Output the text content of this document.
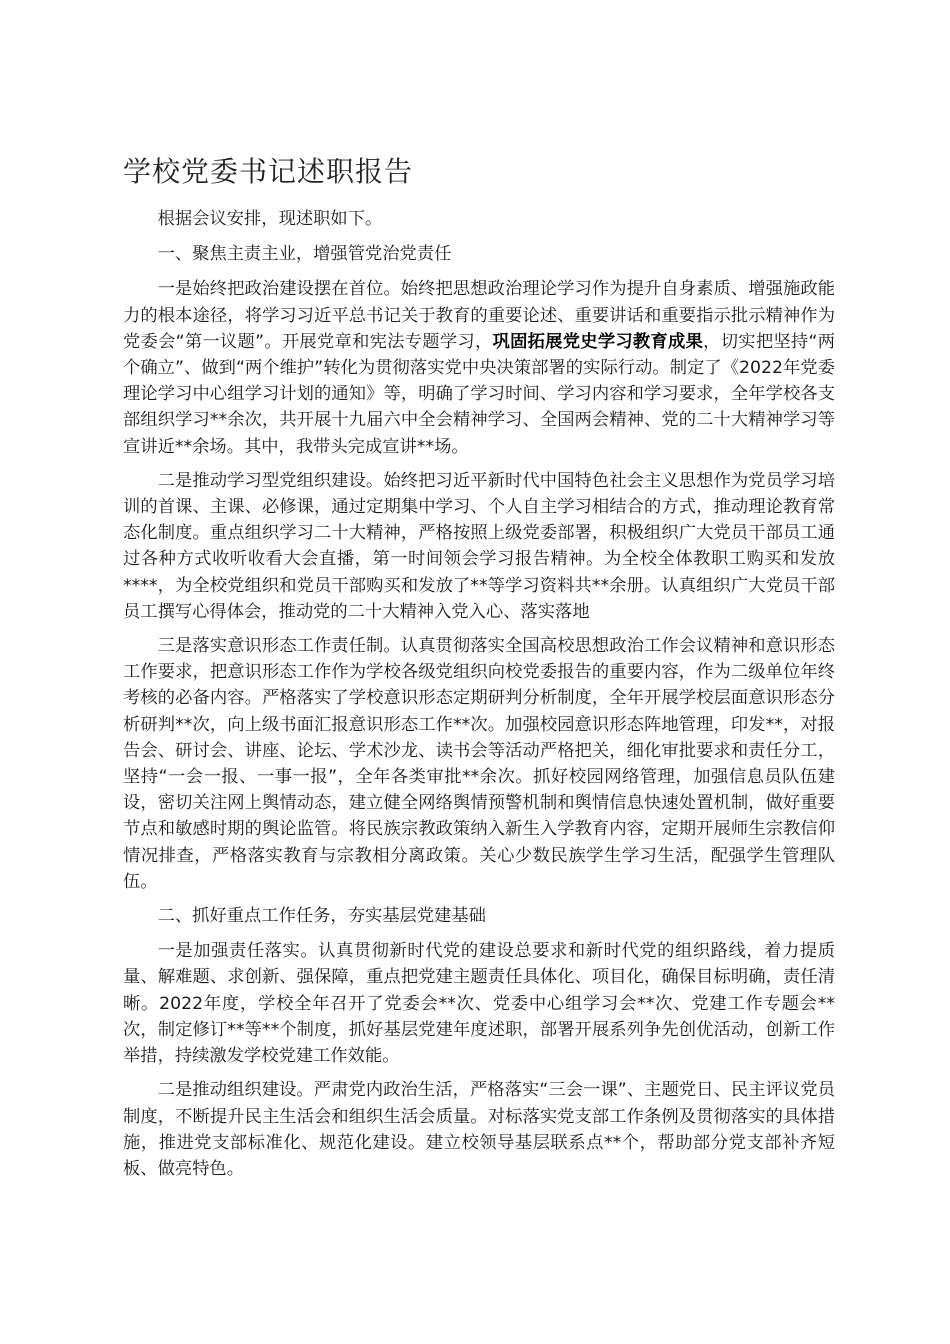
学校党委书记述职报告

根据会议安排，现述职如下。

一、聚焦主责主业，增强管党治党责任

一是始终把政治建设摆在首位。始终把思想政治理论学习作为提升自身素质、增强施政能力的根本途径，将学习习近平总书记关于教育的重要论述、重要讲话和重要指示批示精神作为党委会“第一议题”。开展党章和宪法专题学习，巩固拓展党史学习教育成果，切实把坚持“两个确立”、做到“两个维护”转化为贯彻落实党中央决策部署的实际行动。制定了《2022年党委理论学习中心组学习计划的通知》等，明确了学习时间、学习内容和学习要求，全年学校各支部组织学习**余次，共开展十九届六中全会精神学习、全国两会精神、党的二十大精神学习等宣讲近**余场。其中，我带头完成宣讲**场。

二是推动学习型党组织建设。始终把习近平新时代中国特色社会主义思想作为党员学习培训的首课、主课、必修课，通过定期集中学习、个人自主学习相结合的方式，推动理论教育常态化制度。重点组织学习二十大精神，严格按照上级党委部署，积极组织广大党员干部员工通过各种方式收听收看大会直播，第一时间领会学习报告精神。为全校全体教职工购买和发放****，为全校党组织和党员干部购买和发放了**等学习资料共**余册。认真组织广大党员干部员工撰写心得体会，推动党的二十大精神入党入心、落实落地

三是落实意识形态工作责任制。认真贯彻落实全国高校思想政治工作会议精神和意识形态工作要求，把意识形态工作作为学校各级党组织向校党委报告的重要内容，作为二级单位年终考核的必备内容。严格落实了学校意识形态定期研判分析制度，全年开展学校层面意识形态分析研判**次，向上级书面汇报意识形态工作**次。加强校园意识形态阵地管理，印发**，对报告会、研讨会、讲座、论坛、学术沙龙、读书会等活动严格把关，细化审批要求和责任分工，坚持“一会一报、一事一报”，全年各类审批**余次。抓好校园网络管理，加强信息员队伍建设，密切关注网上舆情动态，建立健全网络舆情预警机制和舆情信息快速处置机制，做好重要节点和敏感时期的舆论监管。将民族宗教政策纳入新生入学教育内容，定期开展师生宗教信仰情况排查，严格落实教育与宗教相分离政策。关心少数民族学生学习生活，配强学生管理队伍。

二、抓好重点工作任务，夯实基层党建基础

一是加强责任落实。认真贯彻新时代党的建设总要求和新时代党的组织路线，着力提质量、解难题、求创新、强保障，重点把党建主题责任具体化、项目化，确保目标明确，责任清晰。2022年度，学校全年召开了党委会**次、党委中心组学习会**次、党建工作专题会**次，制定修订**等**个制度，抓好基层党建年度述职，部署开展系列争先创优活动，创新工作举措，持续激发学校党建工作效能。

二是推动组织建设。严肃党内政治生活，严格落实“三会一课”、主题党日、民主评议党员制度，不断提升民主生活会和组织生活会质量。对标落实党支部工作条例及贯彻落实的具体措施，推进党支部标准化、规范化建设。建立校领导基层联系点**个，帮助部分党支部补齐短板、做亮特色。
